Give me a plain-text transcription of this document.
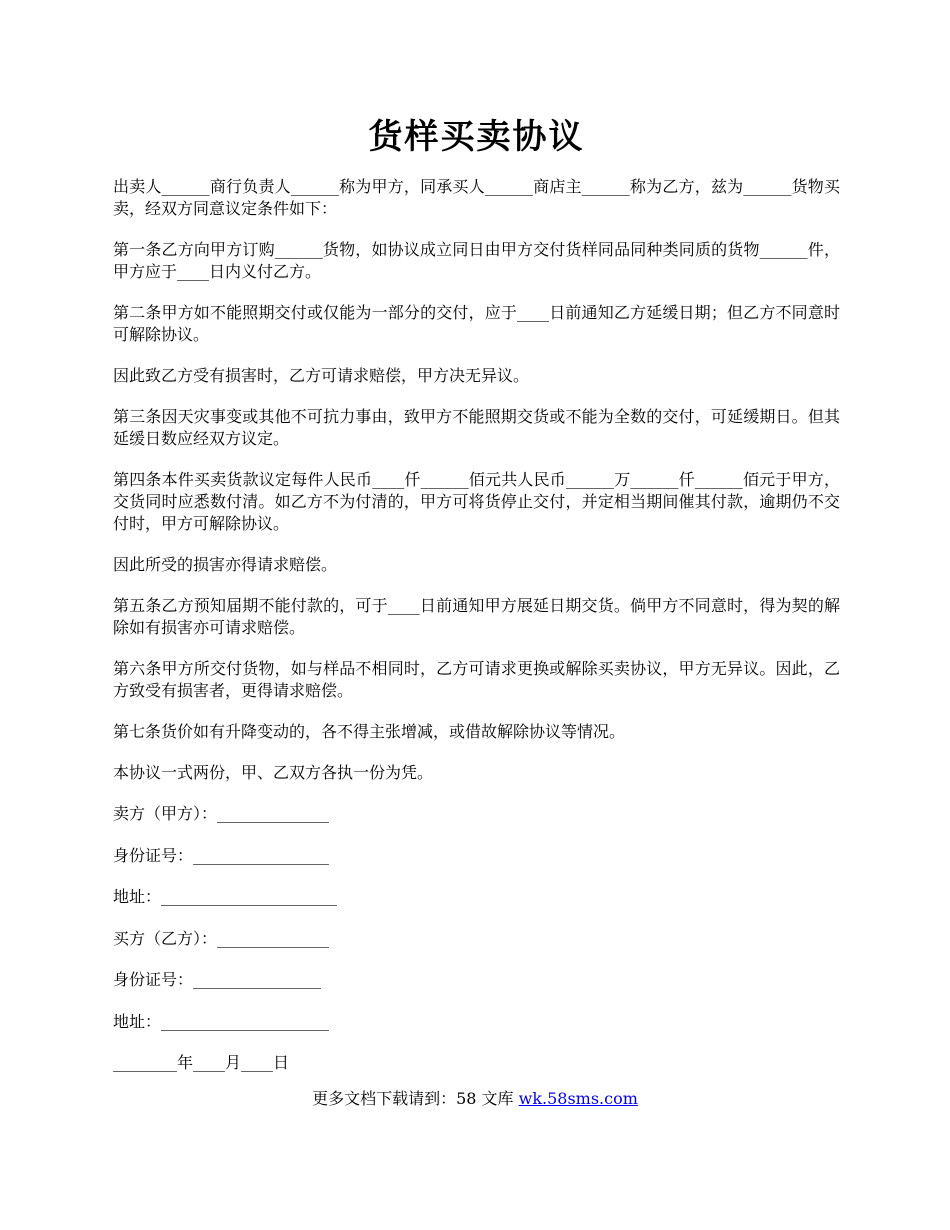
货样买卖协议

出卖人______商行负责人______称为甲方，同承买人______商店主______称为乙方，兹为______货物买卖，经双方同意议定条件如下：

第一条乙方向甲方订购______货物，如协议成立同日由甲方交付货样同品同种类同质的货物______件，甲方应于____日内义付乙方。

第二条甲方如不能照期交付或仅能为一部分的交付，应于____日前通知乙方延缓日期；但乙方不同意时可解除协议。

因此致乙方受有损害时，乙方可请求赔偿，甲方决无异议。

第三条因天灾事变或其他不可抗力事由，致甲方不能照期交货或不能为全数的交付，可延缓期日。但其延缓日数应经双方议定。

第四条本件买卖货款议定每件人民币____仟______佰元共人民币______万______仟______佰元于甲方，交货同时应悉数付清。如乙方不为付清的，甲方可将货停止交付，并定相当期间催其付款，逾期仍不交付时，甲方可解除协议。

因此所受的损害亦得请求赔偿。

第五条乙方预知届期不能付款的，可于____日前通知甲方展延日期交货。倘甲方不同意时，得为契的解除如有损害亦可请求赔偿。

第六条甲方所交付货物，如与样品不相同时，乙方可请求更换或解除买卖协议，甲方无异议。因此，乙方致受有损害者，更得请求赔偿。

第七条货价如有升降变动的，各不得主张增减，或借故解除协议等情况。

本协议一式两份，甲、乙双方各执一份为凭。

卖方（甲方）：______________

身份证号：_________________

地址：______________________

买方（乙方）：______________

身份证号：________________

地址：_____________________

________年____月____日

更多文档下载请到：58 文库 wk.58sms.com
